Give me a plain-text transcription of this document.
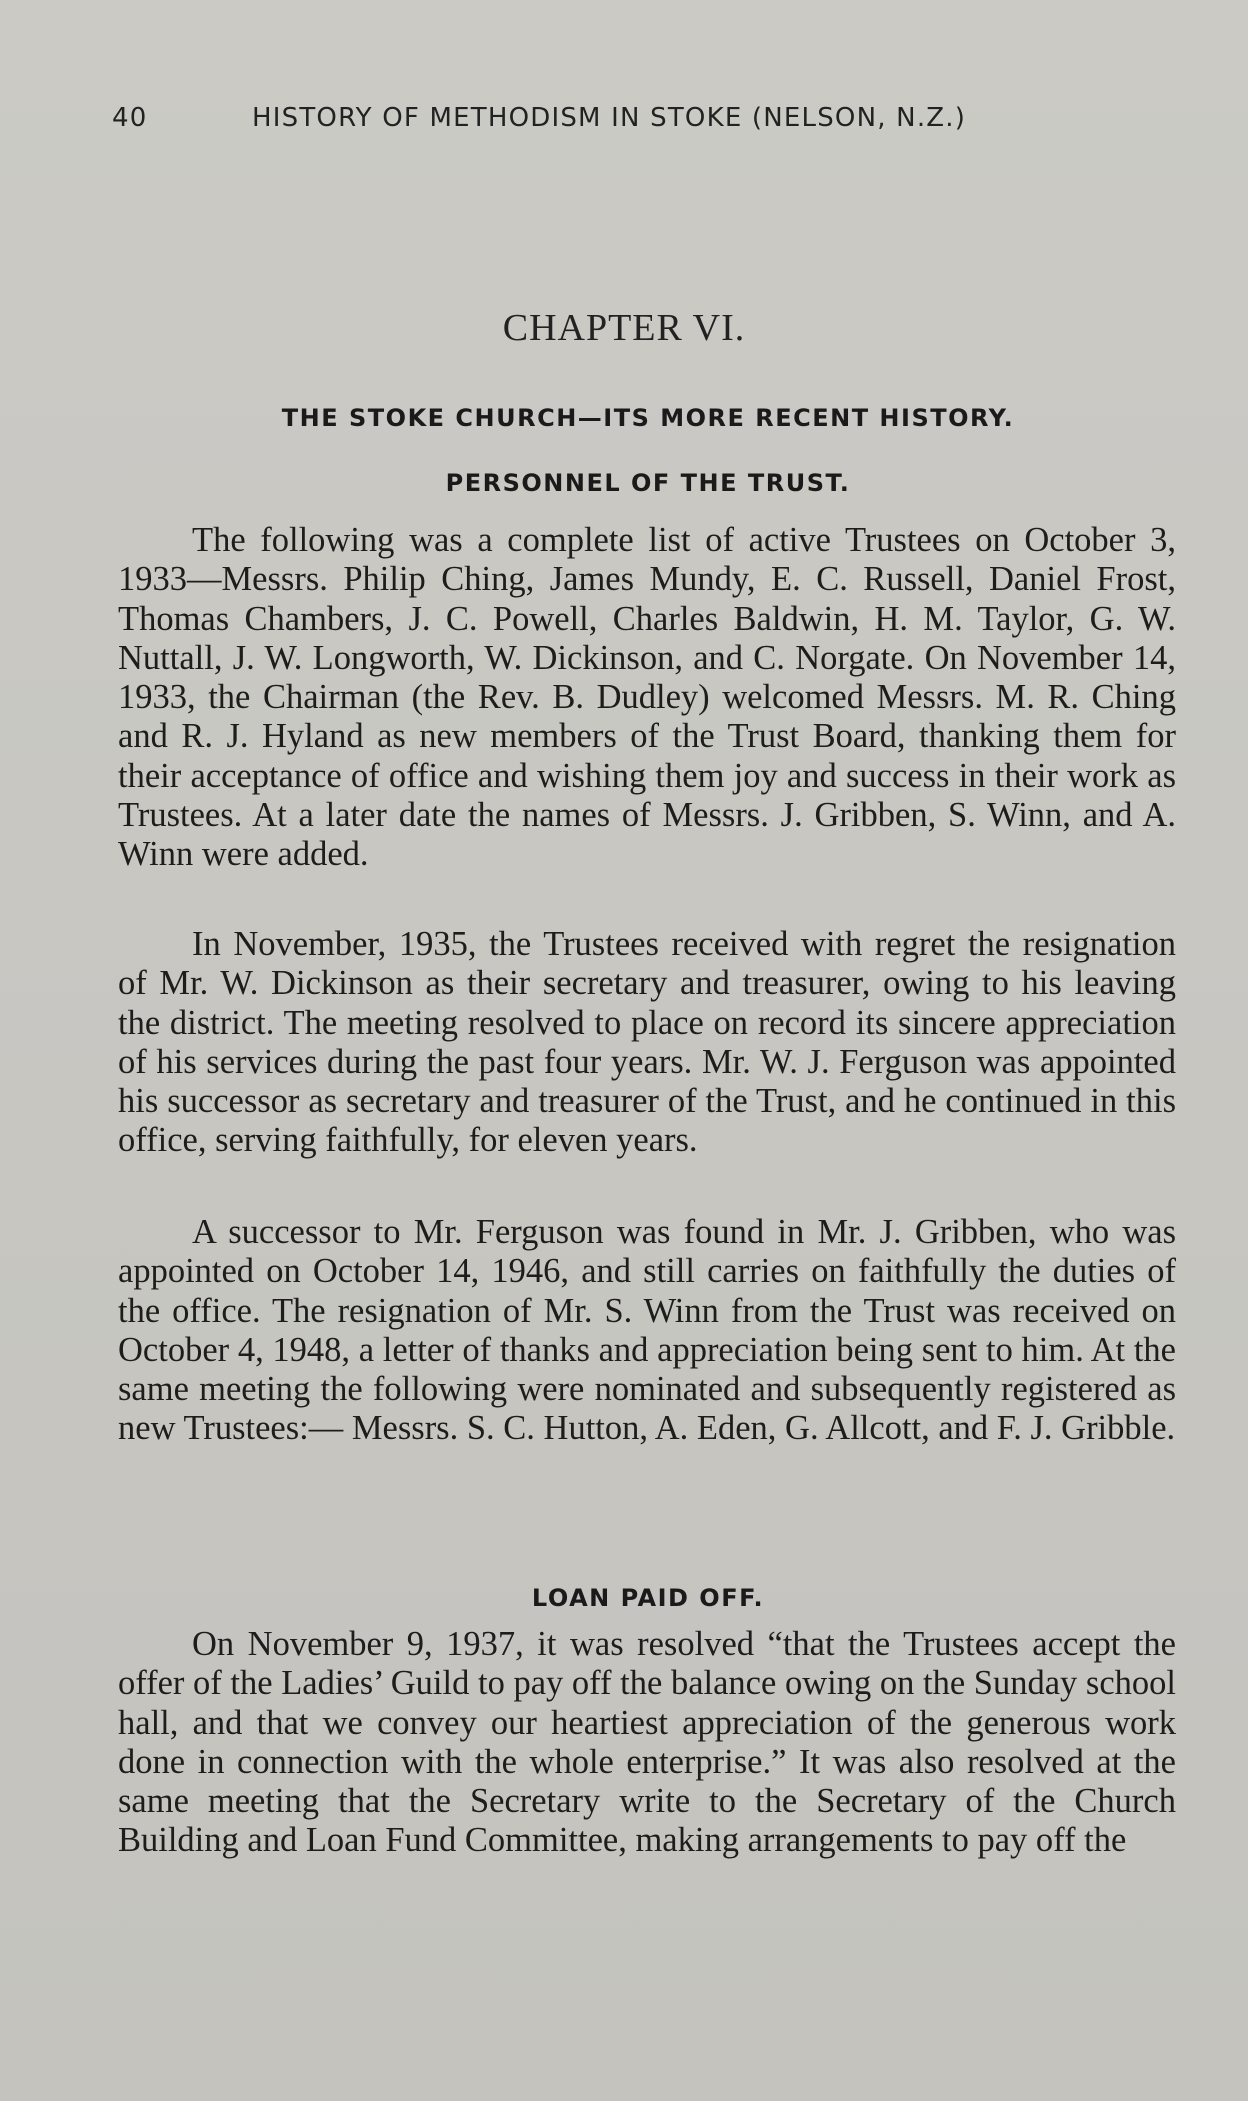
40	HISTORY OF METHODISM IN STOKE (NELSON, N.Z.)
CHAPTER VI.
THE STOKE CHURCH—ITS MORE RECENT HISTORY.
PERSONNEL OF THE TRUST.

The following was a complete list of active Trustees on October 3, 1933—Messrs. Philip Ching, James Mundy, E. C. Russell, Daniel Frost, Thomas Chambers, J. C. Powell, Charles Baldwin, H. M. Taylor, G. W. Nuttall, J. W. Longworth, W. Dickinson, and C. Norgate. On November 14, 1933, the Chairman (the Rev. B. Dudley) welcomed Messrs. M. R. Ching and R. J. Hyland as new members of the Trust Board, thanking them for their acceptance of office and wishing them joy and success in their work as Trustees. At a later date the names of Messrs. J. Gribben, S. Winn, and A. Winn were added.

In November, 1935, the Trustees received with regret the resignation of Mr. W. Dickinson as their secretary and treasurer, owing to his leaving the district. The meeting resolved to place on record its sincere appreciation of his services during the past four years. Mr. W. J. Ferguson was appointed his successor as secretary and treasurer of the Trust, and he continued in this office, serving faithfully, for eleven years.

A successor to Mr. Ferguson was found in Mr. J. Gribben, who was appointed on October 14, 1946, and still carries on faithfully the duties of the office. The resignation of Mr. S. Winn from the Trust was received on October 4, 1948, a letter of thanks and appreciation being sent to him. At the same meeting the following were nominated and subsequently registered as new Trustees:— Messrs. S. C. Hutton, A. Eden, G. Allcott, and F. J. Gribble.

LOAN PAID OFF.

On November 9, 1937, it was resolved “that the Trustees accept the offer of the Ladies’ Guild to pay off the balance owing on the Sunday school hall, and that we convey our heartiest appreciation of the generous work done in connection with the whole enterprise.” It was also resolved at the same meeting that the Secretary write to the Secretary of the Church Building and Loan Fund Committee, making arrangements to pay off the
